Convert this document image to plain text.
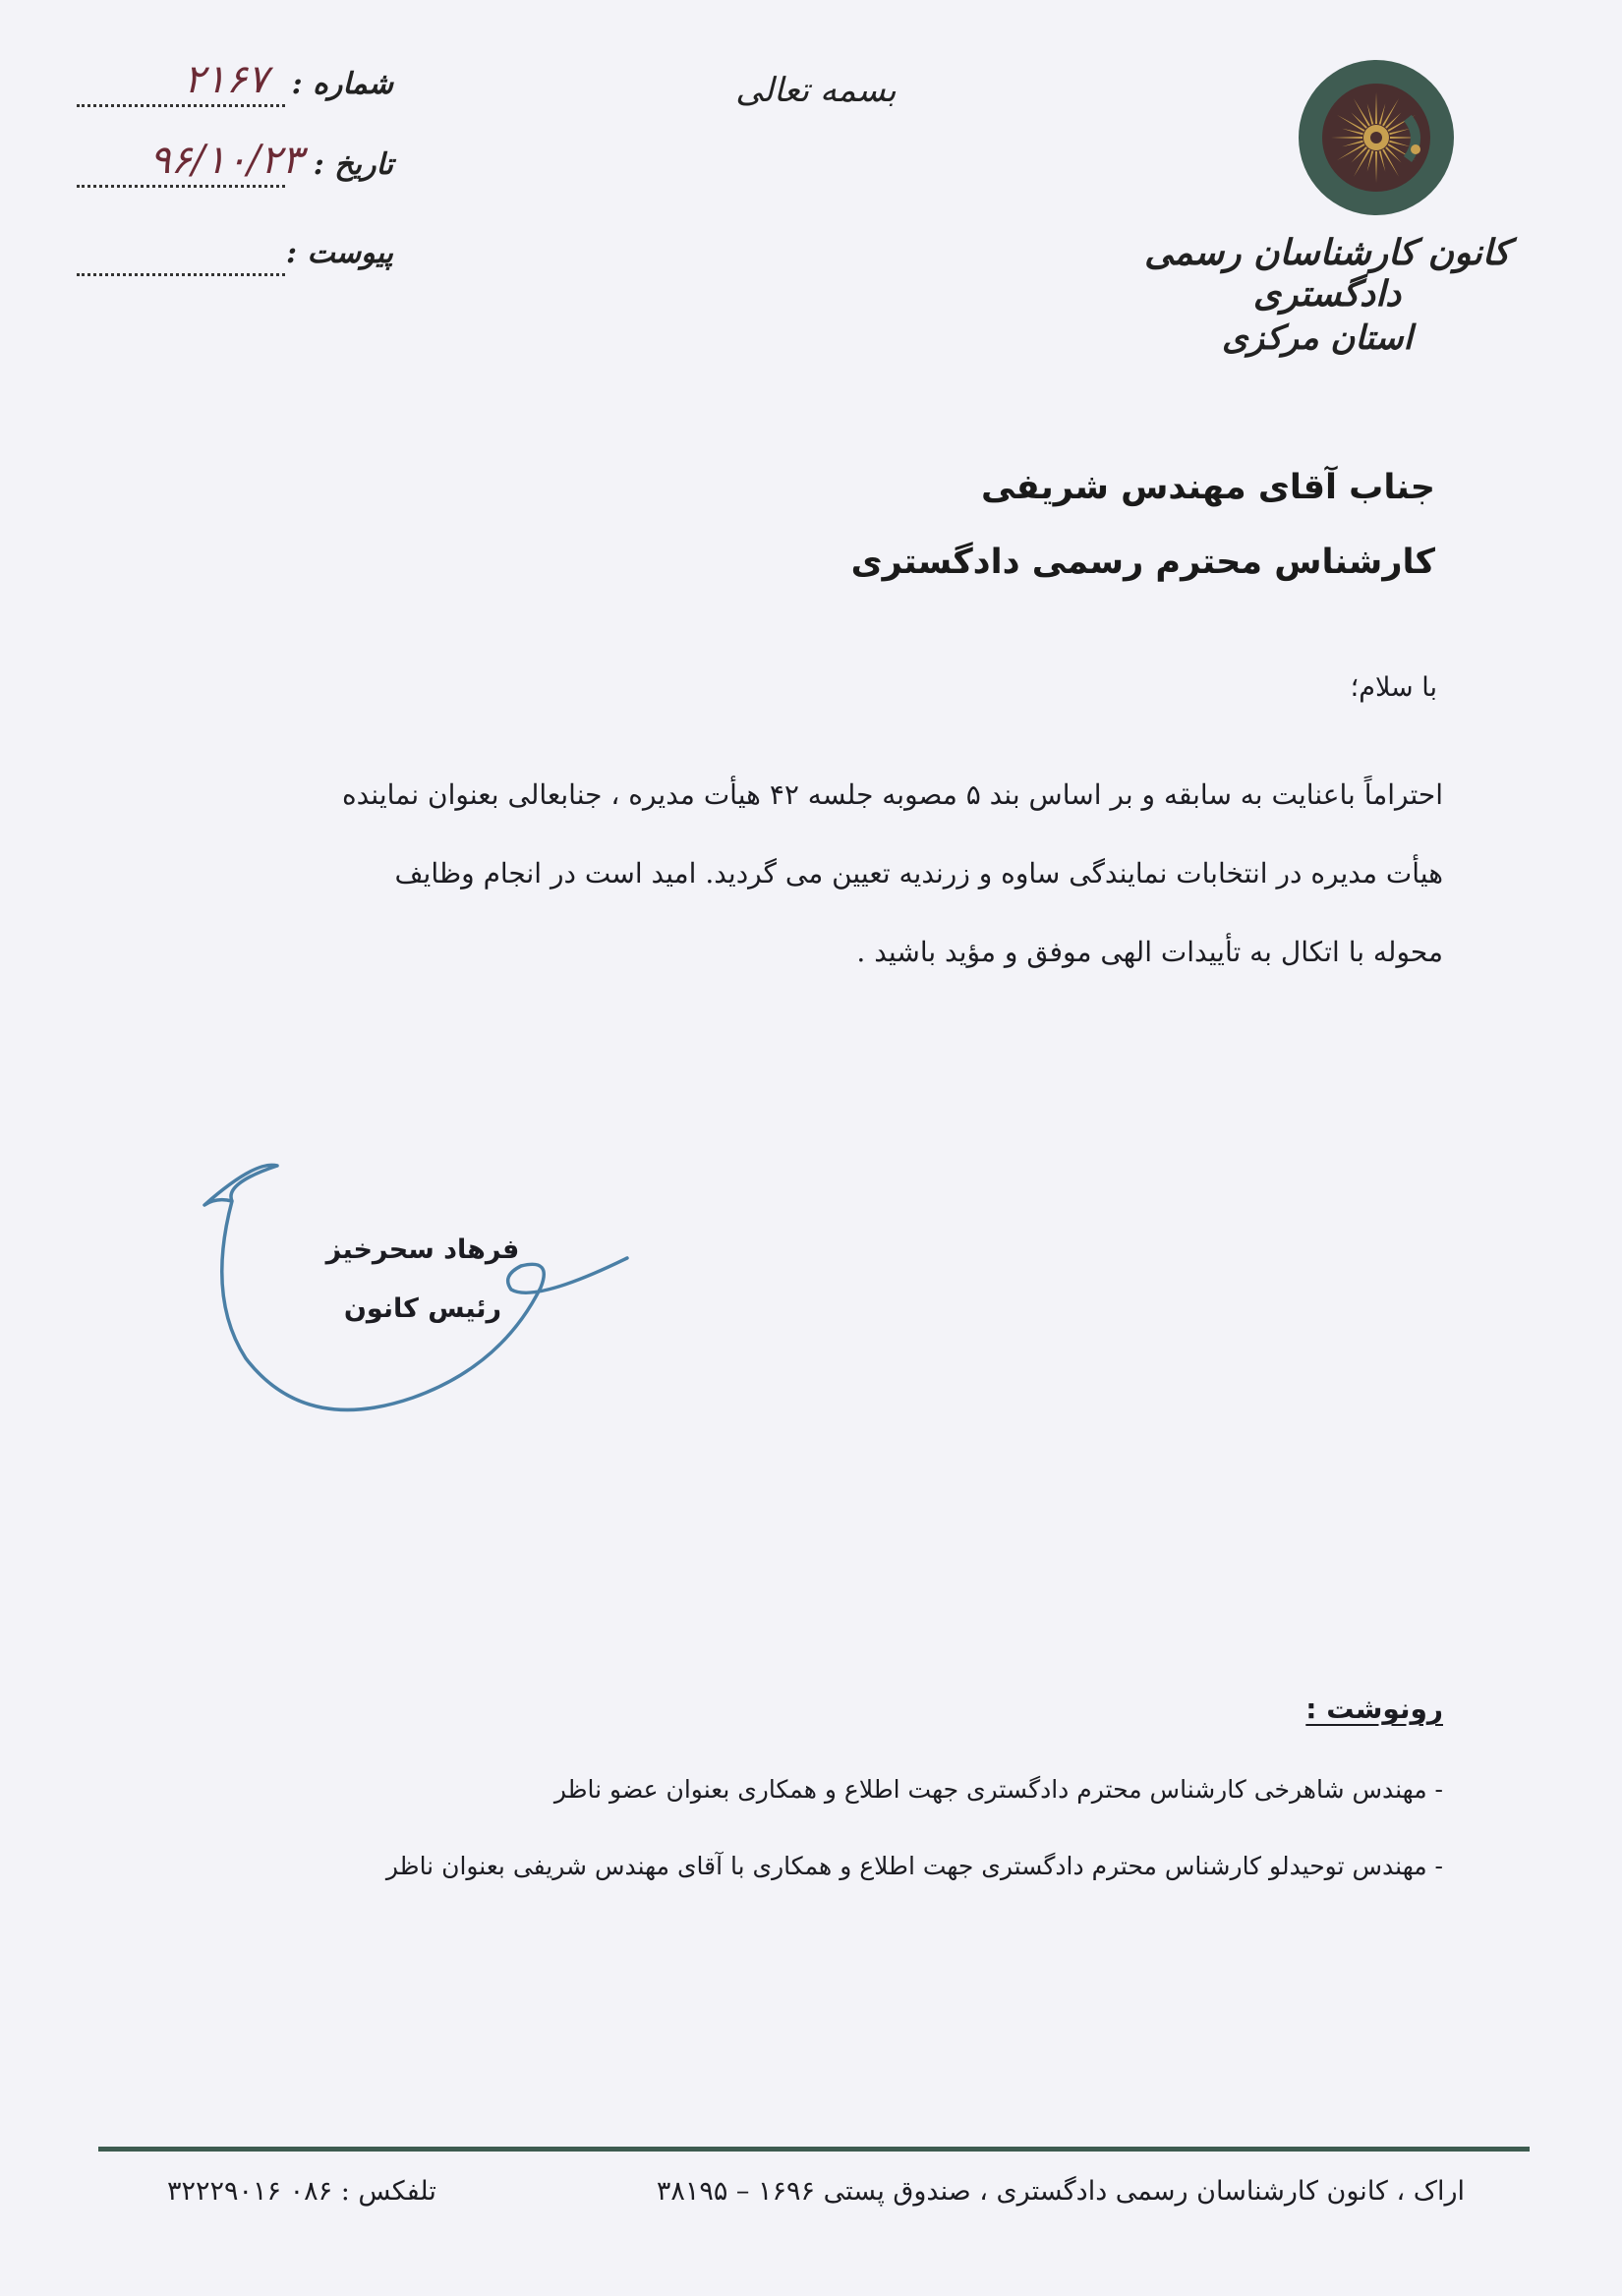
۲۱۶۷ شماره :
۹۶/۱۰/۲۳ تاریخ :
پیوست :
بسمه تعالی
کانون کارشناسان رسمی دادگستری
استان مرکزی
جناب آقای مهندس شریفی
کارشناس محترم رسمی دادگستری
با سلام؛
احتراماً باعنایت به سابقه و بر اساس بند ۵ مصوبه جلسه ۴۲ هیأت مدیره ، جنابعالی بعنوان نماینده
هیأت مدیره در انتخابات نمایندگی ساوه و زرندیه تعیین می گردید. امید است در انجام وظایف
محوله با اتکال به تأییدات الهی موفق و مؤید باشید .
فرهاد سحرخیز
رئیس کانون
رونوشت :
- مهندس شاهرخی کارشناس محترم دادگستری جهت اطلاع و همکاری بعنوان عضو ناظر
- مهندس توحیدلو کارشناس محترم دادگستری جهت اطلاع و همکاری با آقای مهندس شریفی بعنوان ناظر
اراک ، کانون کارشناسان رسمی دادگستری ، صندوق پستی ۱۶۹۶ – ۳۸۱۹۵
تلفکس : ۰۸۶ ۳۲۲۲۹۰۱۶
